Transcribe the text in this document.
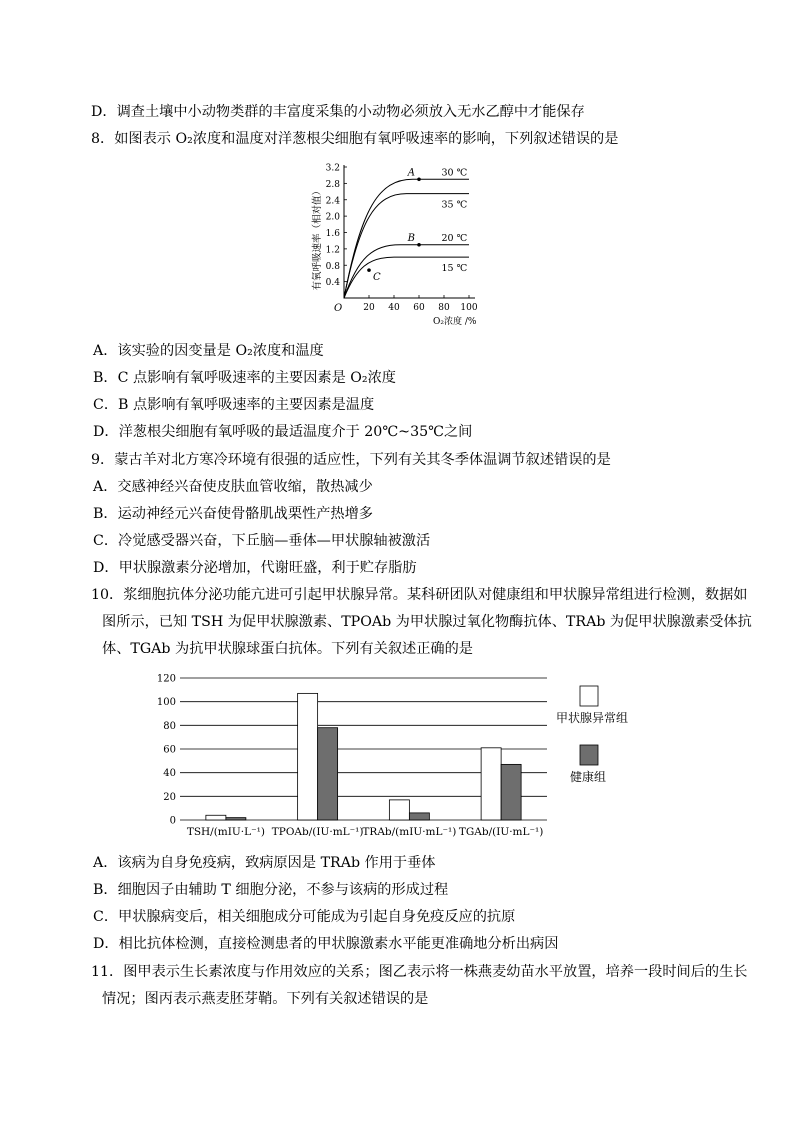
D．调查土壤中小动物类群的丰富度采集的小动物必须放入无水乙醇中才能保存
8．如图表示 O₂浓度和温度对洋葱根尖细胞有氧呼吸速率的影响，下列叙述错误的是
O
O₂浓度 /%
有氧呼吸速率（相对值） 0.4
0.8
1.2
1.6
2.0
2.4
2.8
3.2
20 40 60 80 100
30 ℃
35 ℃
20 ℃
15 ℃
A
B
C
A．该实验的因变量是 O₂浓度和温度
B．C 点影响有氧呼吸速率的主要因素是 O₂浓度
C．B 点影响有氧呼吸速率的主要因素是温度
D．洋葱根尖细胞有氧呼吸的最适温度介于 20℃~35℃之间
9．蒙古羊对北方寒冷环境有很强的适应性，下列有关其冬季体温调节叙述错误的是
A．交感神经兴奋使皮肤血管收缩，散热减少
B．运动神经元兴奋使骨骼肌战栗性产热增多
C．冷觉感受器兴奋，下丘脑—垂体—甲状腺轴被激活
D．甲状腺激素分泌增加，代谢旺盛，利于贮存脂肪
10．浆细胞抗体分泌功能亢进可引起甲状腺异常。某科研团队对健康组和甲状腺异常组进行检测，数据如
图所示，已知 TSH 为促甲状腺激素、TPOAb 为甲状腺过氧化物酶抗体、TRAb 为促甲状腺激素受体抗
体、TGAb 为抗甲状腺球蛋白抗体。下列有关叙述正确的是
0
20
40
60
80
100
120
TSH/(mIU·L⁻¹) TPOAb/(IU·mL⁻¹)
TRAb/(mIU·mL⁻¹) TGAb/(IU·mL⁻¹)
甲状腺异常组
健康组
A．该病为自身免疫病，致病原因是 TRAb 作用于垂体
B．细胞因子由辅助 T 细胞分泌，不参与该病的形成过程
C．甲状腺病变后，相关细胞成分可能成为引起自身免疫反应的抗原
D．相比抗体检测，直接检测患者的甲状腺激素水平能更准确地分析出病因
11．图甲表示生长素浓度与作用效应的关系；图乙表示将一株燕麦幼苗水平放置，培养一段时间后的生长
情况；图丙表示燕麦胚芽鞘。下列有关叙述错误的是
